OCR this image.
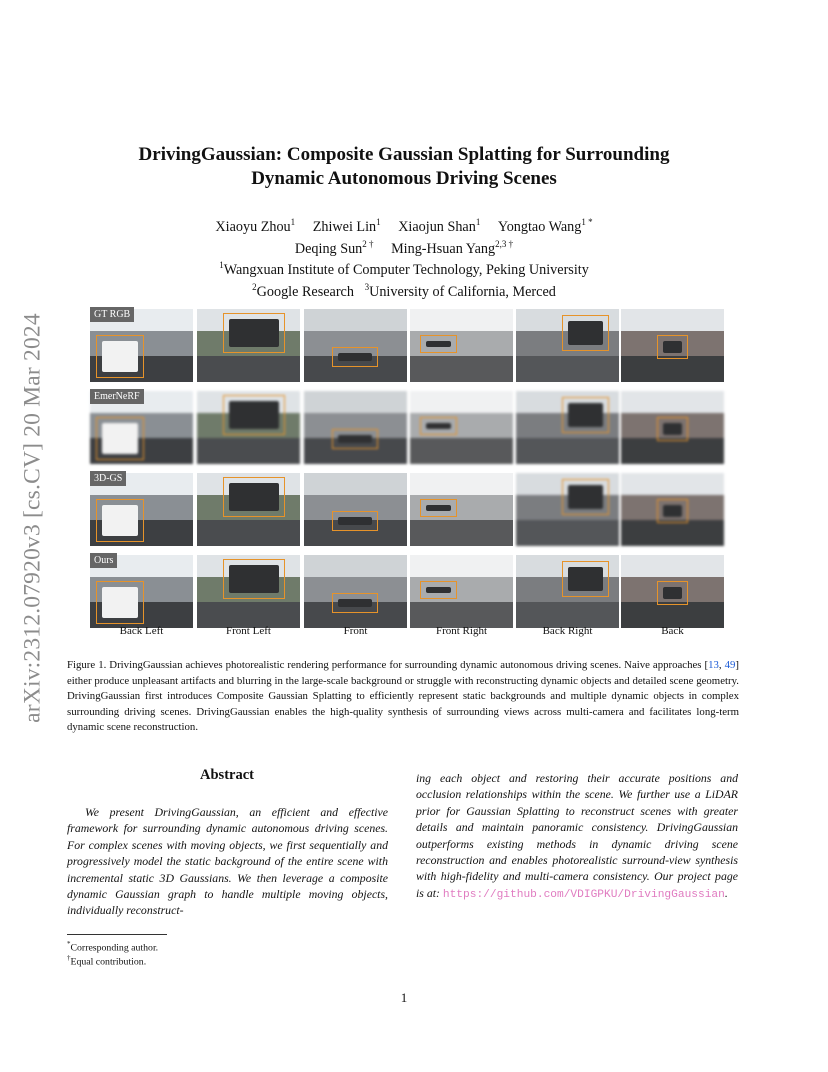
arXiv:2312.07920v3 [cs.CV] 20 Mar 2024
DrivingGaussian: Composite Gaussian Splatting for Surrounding
Dynamic Autonomous Driving Scenes
Xiaoyu Zhou$^1$ Zhiwei Lin$^1$ Xiaojun Shan$^1$ Yongtao Wang$^{1 *}$
Deqing Sun$^{2 \dagger}$ Ming-Hsuan Yang$^{2,3 \dagger}$
$^1$Wangxuan Institute of Computer Technology, Peking University
$^2$Google Research $^3$University of California, Merced
GT RGB
EmerNeRF
3D-GS
Ours
Back Left	Front Left	Front	Front Right	Back Right	Back
Figure 1. DrivingGaussian achieves photorealistic rendering performance for surrounding dynamic autonomous driving scenes. Naive approaches [13, 49] either produce unpleasant artifacts and blurring in the large-scale background or struggle with reconstructing dynamic objects and detailed scene geometry. DrivingGaussian first introduces Composite Gaussian Splatting to efficiently represent static backgrounds and multiple dynamic objects in complex surrounding driving scenes. DrivingGaussian enables the high-quality synthesis of surrounding views across multi-camera and facilitates long-term dynamic scene reconstruction.
Abstract
We present DrivingGaussian, an efficient and effective framework for surrounding dynamic autonomous driving scenes. For complex scenes with moving objects, we first sequentially and progressively model the static background of the entire scene with incremental static 3D Gaussians. We then leverage a composite dynamic Gaussian graph to handle multiple moving objects, individually reconstruct-
ing each object and restoring their accurate positions and occlusion relationships within the scene. We further use a LiDAR prior for Gaussian Splatting to reconstruct scenes with greater details and maintain panoramic consistency. DrivingGaussian outperforms existing methods in dynamic driving scene reconstruction and enables photorealistic surround-view synthesis with high-fidelity and multi-camera consistency. Our project page is at: https://github.com/VDIGPKU/DrivingGaussian.
*Corresponding author.
†Equal contribution.
1
